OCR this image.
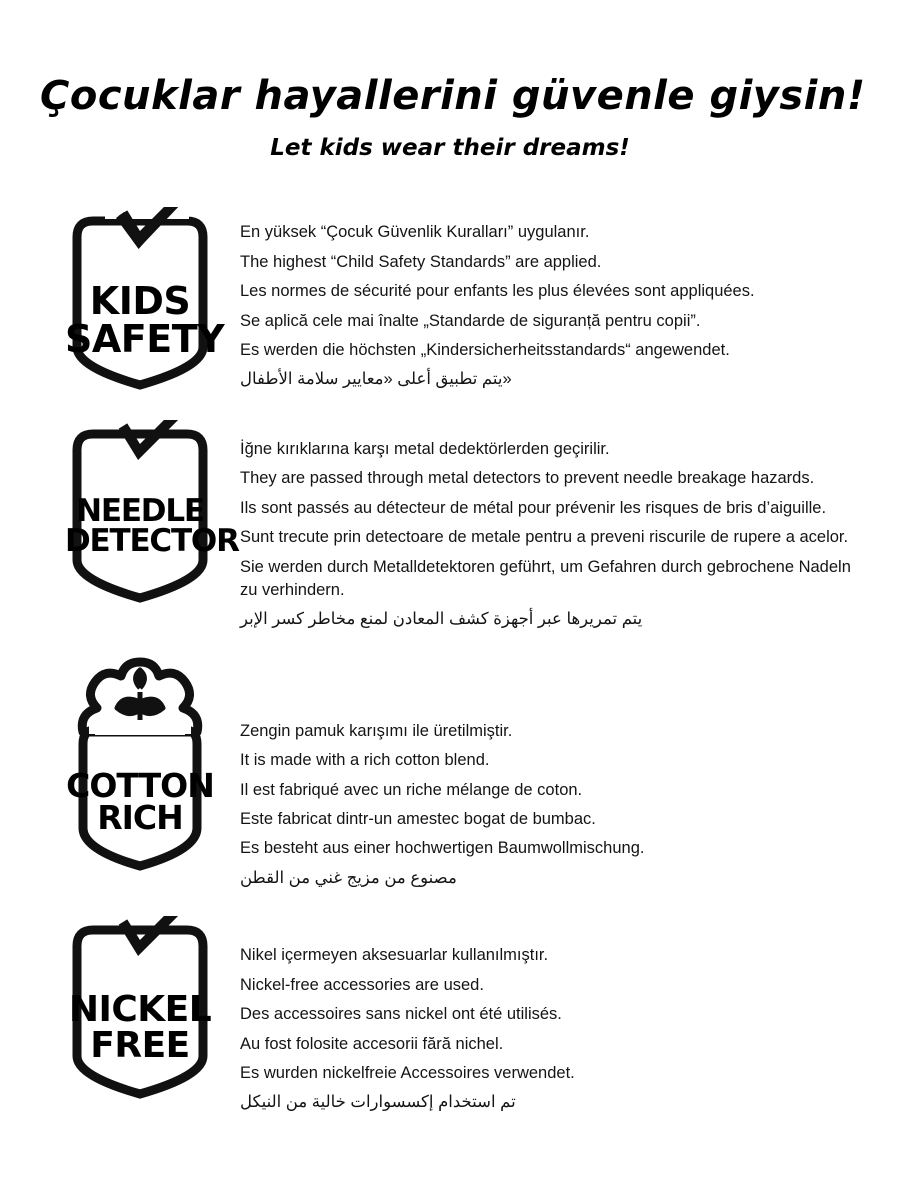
Çocuklar hayallerini güvenle giysin!
Let kids wear their dreams!
KIDS
SAFETY

En yüksek “Çocuk Güvenlik Kuralları” uygulanır.

The highest “Child Safety Standards” are applied.

Les normes de sécurité pour enfants les plus élevées sont appliquées.

Se aplică cele mai înalte „Standarde de siguranță pentru copii”.

Es werden die höchsten „Kindersicherheitsstandards“ angewendet.

«يتم تطبيق أعلى «معايير سلامة الأطفال

NEEDLE
DETECTOR

İğne kırıklarına karşı metal dedektörlerden geçirilir.

They are passed through metal detectors to prevent needle breakage hazards.

Ils sont passés au détecteur de métal pour prévenir les risques de bris d’aiguille.

Sunt trecute prin detectoare de metale pentru a preveni riscurile de rupere a acelor.

Sie werden durch Metalldetektoren geführt, um Gefahren durch gebrochene Nadeln zu verhindern.

يتم تمريرها عبر أجهزة كشف المعادن لمنع مخاطر كسر الإبر

COTTON
RICH

Zengin pamuk karışımı ile üretilmiştir.

It is made with a rich cotton blend.

Il est fabriqué avec un riche mélange de coton.

Este fabricat dintr-un amestec bogat de bumbac.

Es besteht aus einer hochwertigen Baumwollmischung.

مصنوع من مزيج غني من القطن

NICKEL
FREE

Nikel içermeyen aksesuarlar kullanılmıştır.

Nickel-free accessories are used.

Des accessoires sans nickel ont été utilisés.

Au fost folosite accesorii fără nichel.

Es wurden nickelfreie Accessoires verwendet.

تم استخدام إكسسوارات خالية من النيكل
